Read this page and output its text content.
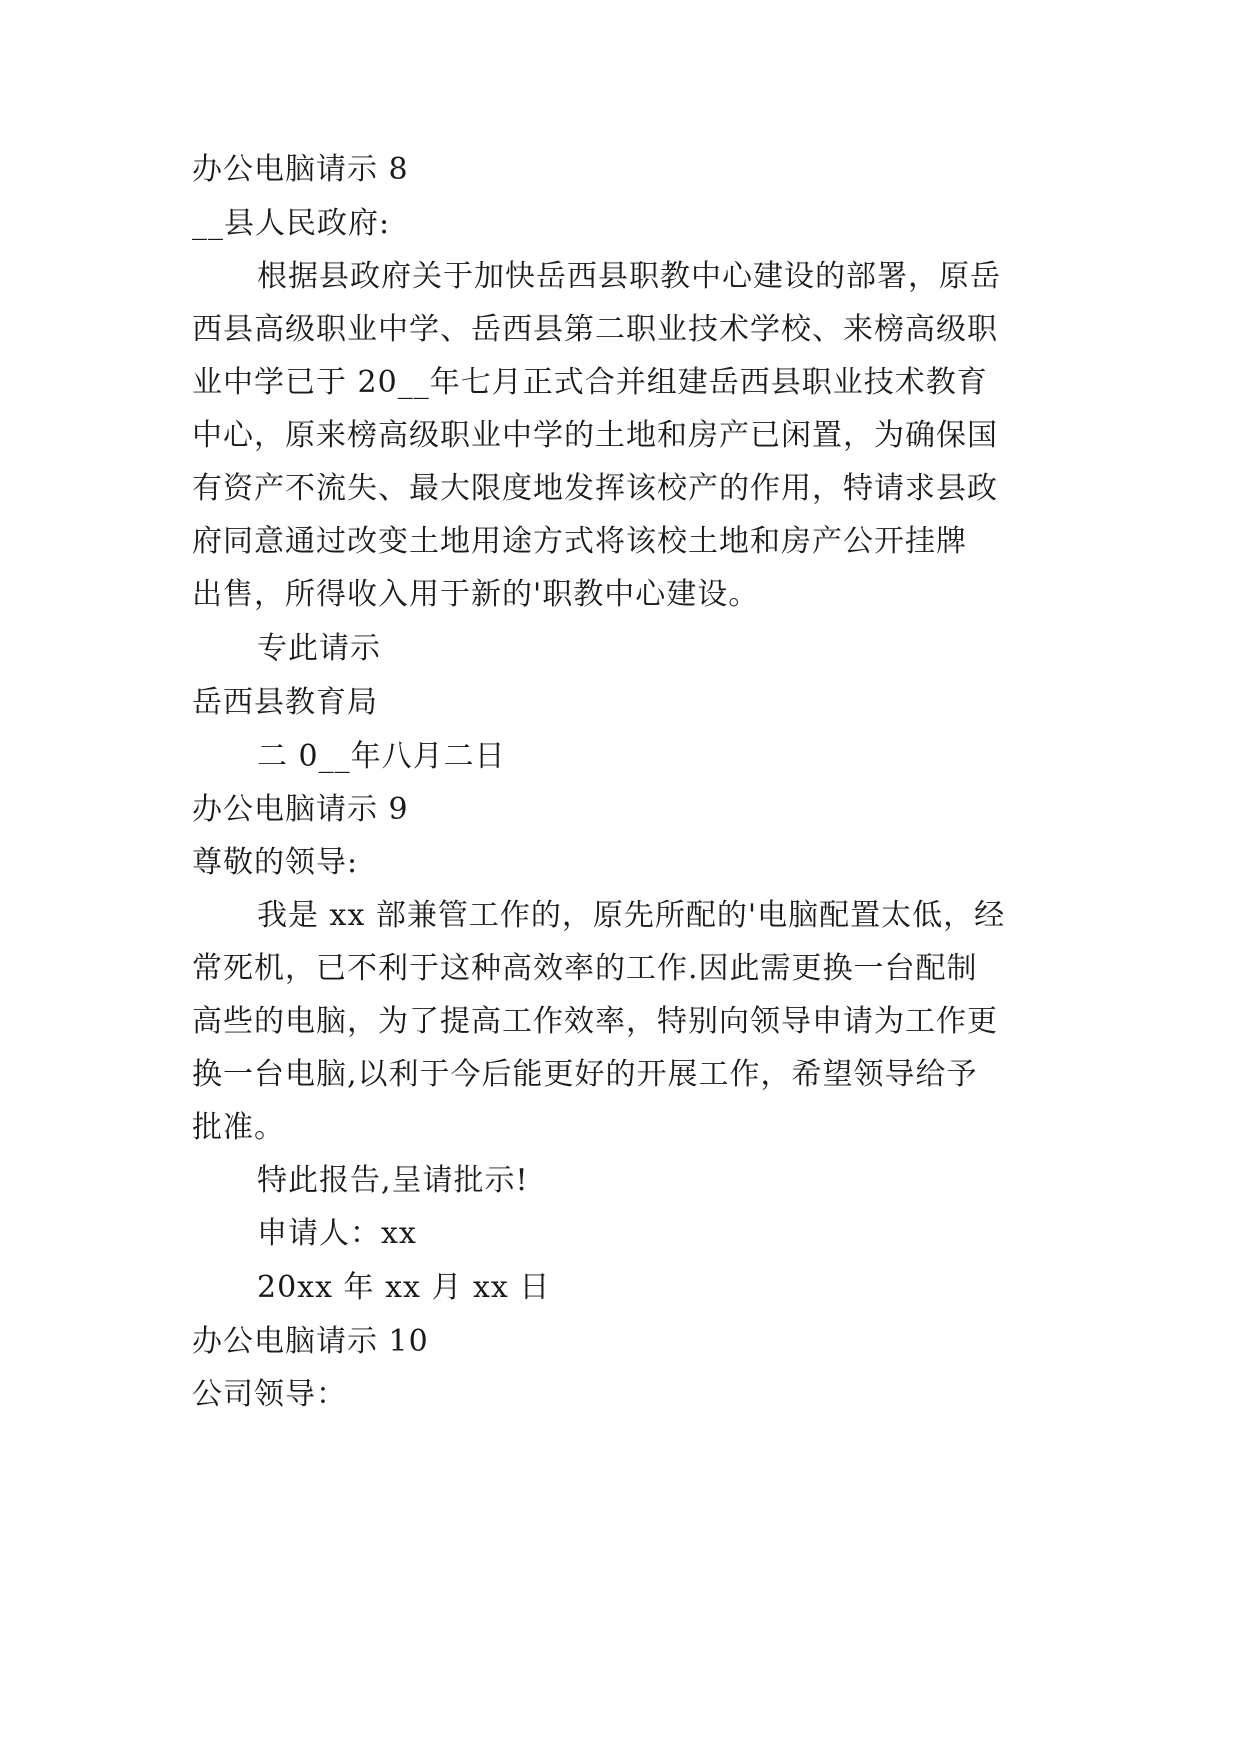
办公电脑请示 8
__县人民政府:
根据县政府关于加快岳西县职教中心建设的部署，原岳
西县高级职业中学、岳西县第二职业技术学校、来榜高级职
业中学已于 20__年七月正式合并组建岳西县职业技术教育
中心，原来榜高级职业中学的土地和房产已闲置，为确保国
有资产不流失、最大限度地发挥该校产的作用，特请求县政
府同意通过改变土地用途方式将该校土地和房产公开挂牌
出售，所得收入用于新的'职教中心建设。
专此请示
岳西县教育局
二 0__年八月二日
办公电脑请示 9
尊敬的领导:
我是 xx 部兼管工作的，原先所配的'电脑配置太低，经
常死机，已不利于这种高效率的工作.因此需更换一台配制
高些的电脑，为了提高工作效率，特别向领导申请为工作更
换一台电脑,以利于今后能更好的开展工作，希望领导给予
批准。
特此报告,呈请批示!
申请人：xx
20xx 年 xx 月 xx 日
办公电脑请示 10
公司领导：
